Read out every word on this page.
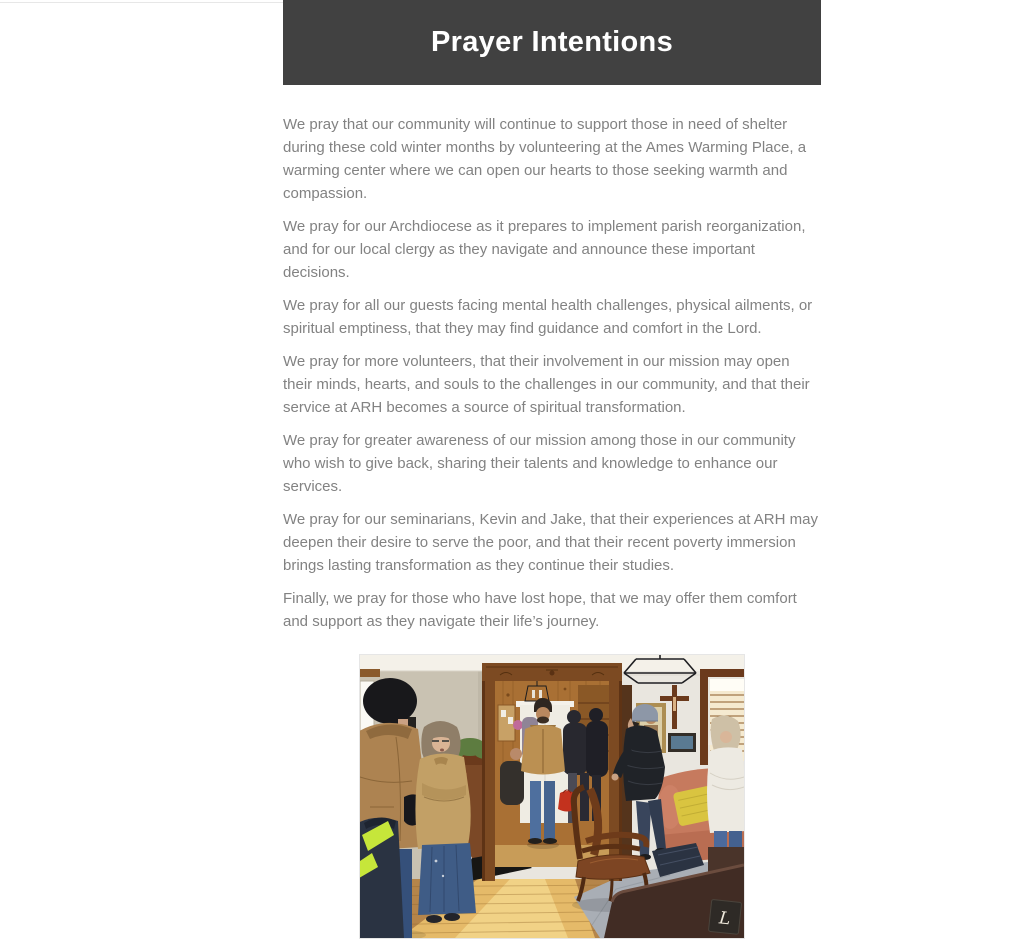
Prayer Intentions

We pray that our community will continue to support those in need of shelter during these cold winter months by volunteering at the Ames Warming Place, a warming center where we can open our hearts to those seeking warmth and compassion.

We pray for our Archdiocese as it prepares to implement parish reorganization, and for our local clergy as they navigate and announce these important decisions.

We pray for all our guests facing mental health challenges, physical ailments, or spiritual emptiness, that they may find guidance and comfort in the Lord.

We pray for more volunteers, that their involvement in our mission may open their minds, hearts, and souls to the challenges in our community, and that their service at ARH becomes a source of spiritual transformation.

We pray for greater awareness of our mission among those in our community who wish to give back, sharing their talents and knowledge to enhance our services.

We pray for our seminarians, Kevin and Jake, that their experiences at ARH may deepen their desire to serve the poor, and that their recent poverty immersion brings lasting transformation as they continue their studies.

Finally, we pray for those who have lost hope, that we may offer them comfort and support as they navigate their life’s journey.

L
